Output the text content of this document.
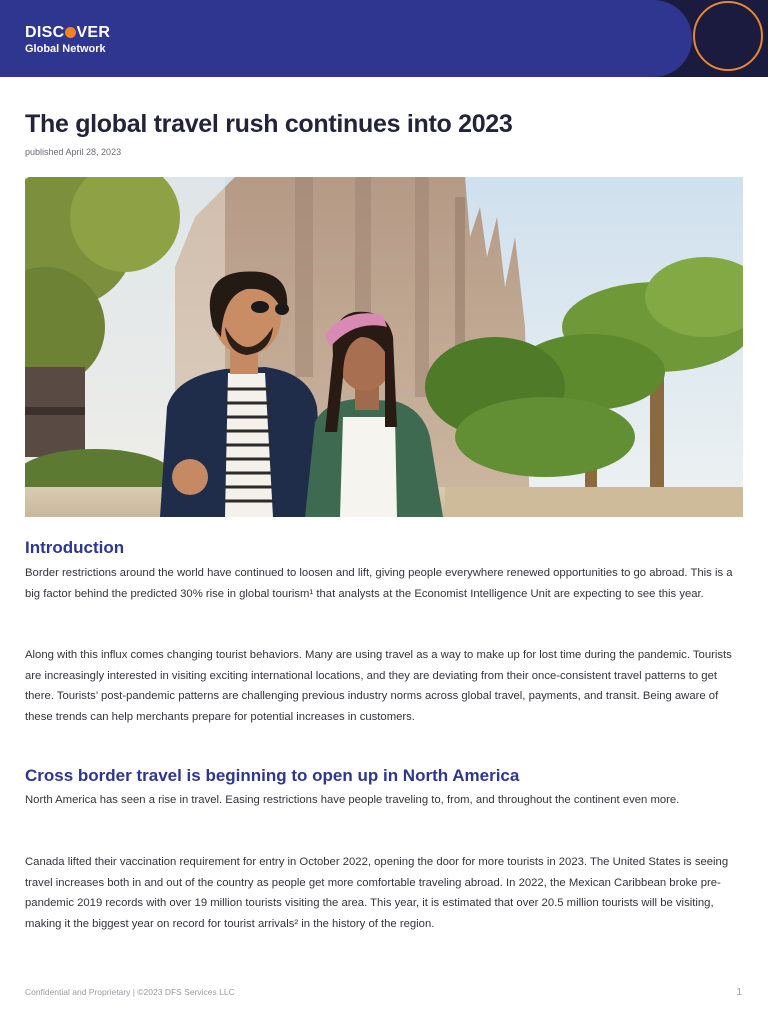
DISC VER
Global Network
The global travel rush continues into 2023
published April 28, 2023
Introduction

Border restrictions around the world have continued to loosen and lift, giving people everywhere renewed opportunities to go abroad. This is a big factor behind the predicted 30% rise in global tourism¹ that analysts at the Economist Intelligence Unit are expecting to see this year.

Along with this influx comes changing tourist behaviors. Many are using travel as a way to make up for lost time during the pandemic. Tourists are increasingly interested in visiting exciting international locations, and they are deviating from their once-consistent travel patterns to get there. Tourists’ post-pandemic patterns are challenging previous industry norms across global travel, payments, and transit. Being aware of these trends can help merchants prepare for potential increases in customers.

Cross border travel is beginning to open up in North America

North America has seen a rise in travel. Easing restrictions have people traveling to, from, and throughout the continent even more.

Canada lifted their vaccination requirement for entry in October 2022, opening the door for more tourists in 2023. The United States is seeing travel increases both in and out of the country as people get more comfortable traveling abroad. In 2022, the Mexican Caribbean broke pre-pandemic 2019 records with over 19 million tourists visiting the area. This year, it is estimated that over 20.5 million tourists will be visiting, making it the biggest year on record for tourist arrivals² in the history of the region.

Confidential and Proprietary | ©2023 DFS Services LLC	1
